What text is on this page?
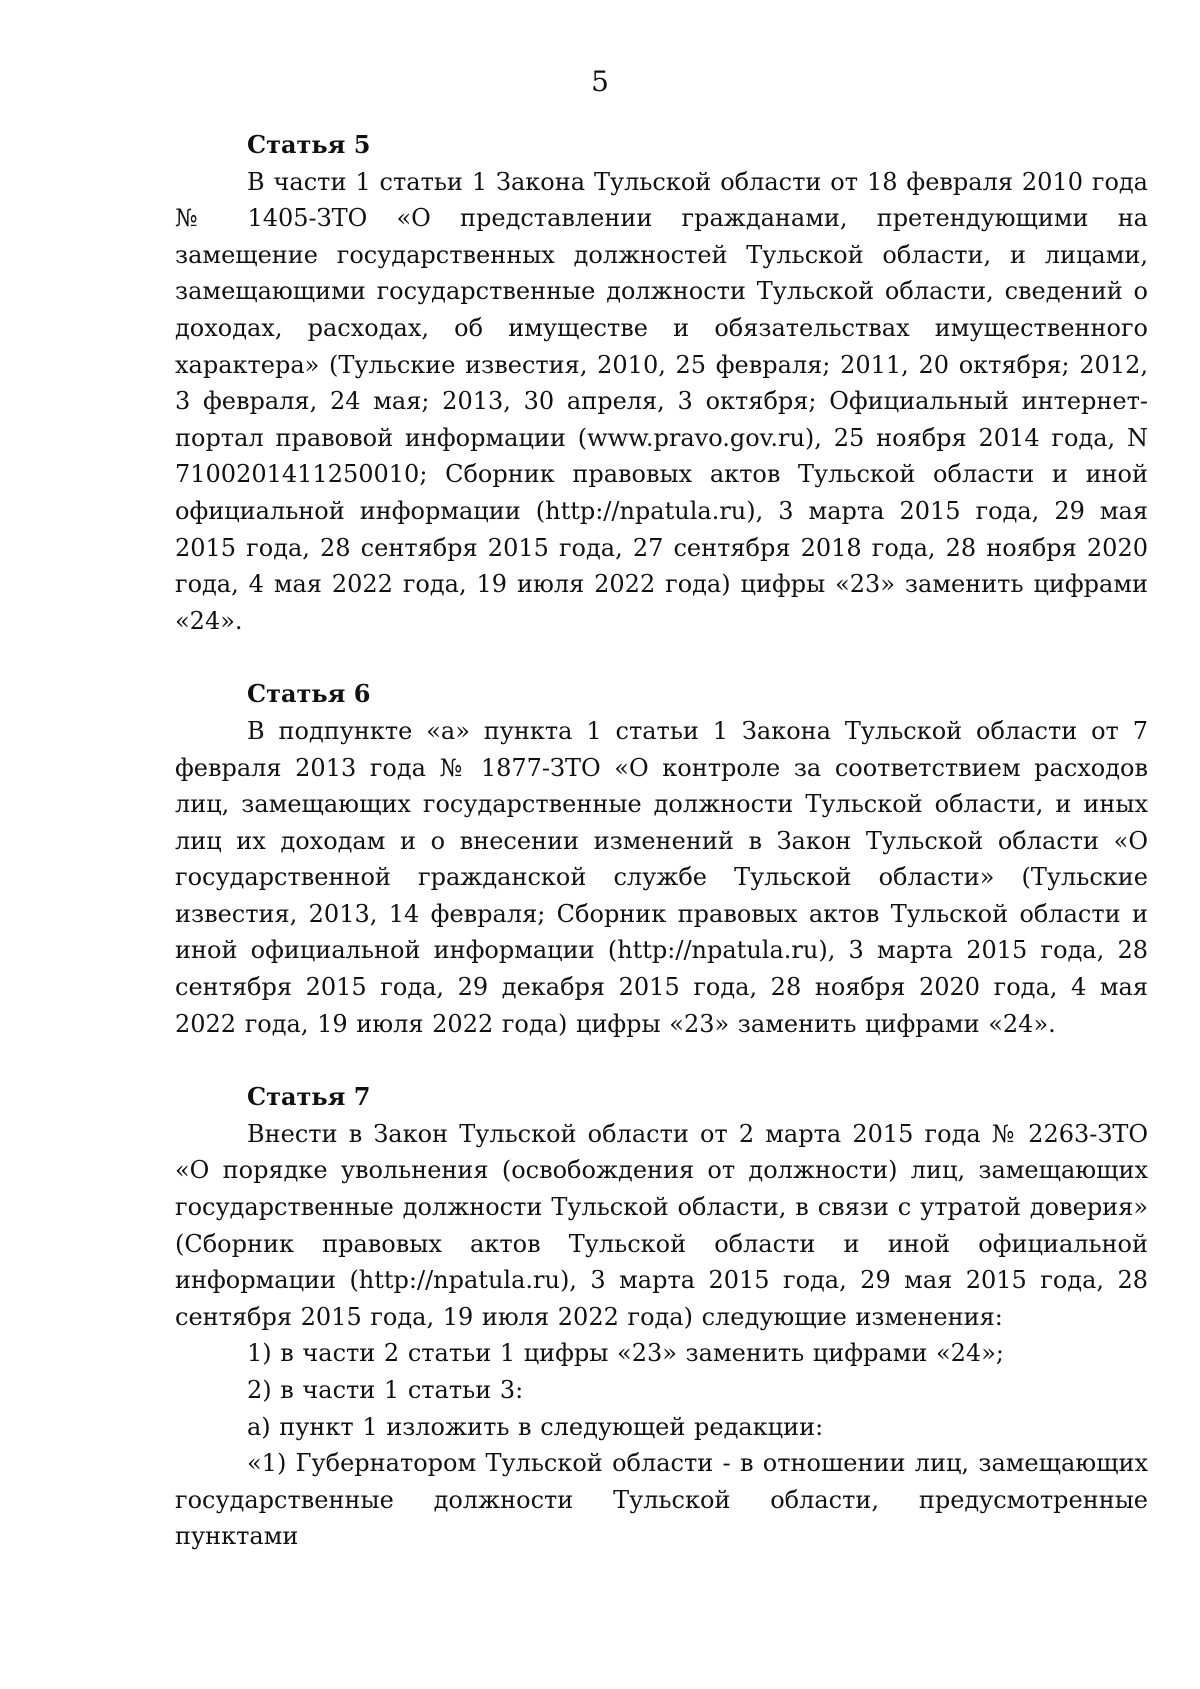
5

Статья 5

В части 1 статьи 1 Закона Тульской области от 18 февраля 2010 года № 1405-ЗТО «О представлении гражданами, претендующими на замещение государственных должностей Тульской области, и лицами, замещающими государственные должности Тульской области, сведений о доходах, расходах, об имуществе и обязательствах имущественного характера» (Тульские известия, 2010, 25 февраля; 2011, 20 октября; 2012, 3 февраля, 24 мая; 2013, 30 апреля, 3 октября; Официальный интернет-портал правовой информации (www.pravo.gov.ru), 25 ноября 2014 года, N 7100201411250010; Сборник правовых актов Тульской области и иной официальной информации (http://npatula.ru), 3 марта 2015 года, 29 мая 2015 года, 28 сентября 2015 года, 27 сентября 2018 года, 28 ноября 2020 года, 4 мая 2022 года, 19 июля 2022 года) цифры «23» заменить цифрами «24».

Статья 6

В подпункте «а» пункта 1 статьи 1 Закона Тульской области от 7 февраля 2013 года № 1877-ЗТО «О контроле за соответствием расходов лиц, замещающих государственные должности Тульской области, и иных лиц их доходам и о внесении изменений в Закон Тульской области «О государственной гражданской службе Тульской области» (Тульские известия, 2013, 14 февраля; Сборник правовых актов Тульской области и иной официальной информации (http://npatula.ru), 3 марта 2015 года, 28 сентября 2015 года, 29 декабря 2015 года, 28 ноября 2020 года, 4 мая 2022 года, 19 июля 2022 года) цифры «23» заменить цифрами «24».

Статья 7

Внести в Закон Тульской области от 2 марта 2015 года № 2263-ЗТО «О порядке увольнения (освобождения от должности) лиц, замещающих государственные должности Тульской области, в связи с утратой доверия» (Сборник правовых актов Тульской области и иной официальной информации (http://npatula.ru), 3 марта 2015 года, 29 мая 2015 года, 28 сентября 2015 года, 19 июля 2022 года) следующие изменения:

1) в части 2 статьи 1 цифры «23» заменить цифрами «24»;

2) в части 1 статьи 3:

а) пункт 1 изложить в следующей редакции:

«1) Губернатором Тульской области - в отношении лиц, замещающих государственные должности Тульской области, предусмотренные пунктами
